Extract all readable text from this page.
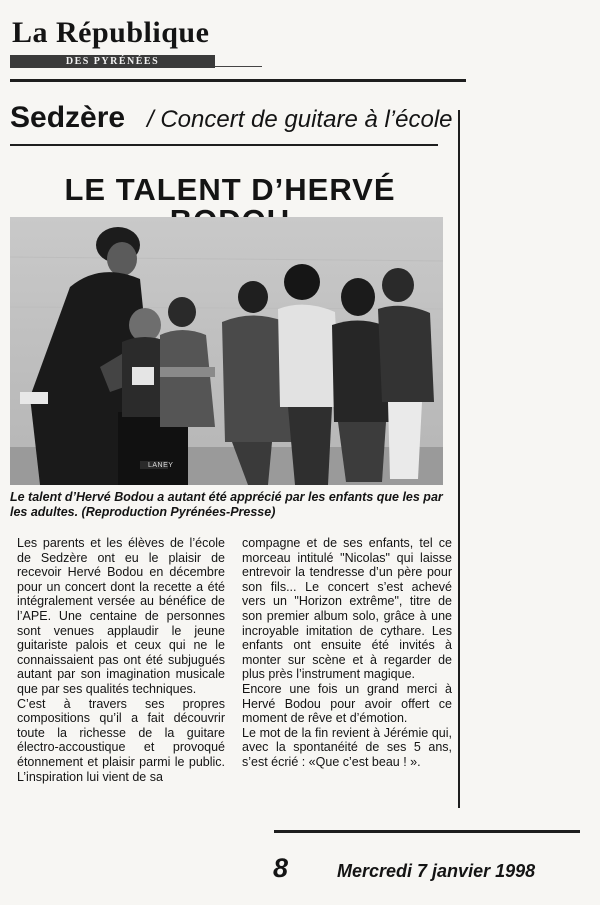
La République
DES PYRÉNÉES
Sedzère / Concert de guitare à l’école
LE TALENT D’HERVÉ
LANEY
Le talent d’Hervé Bodou a autant été apprécié par les enfants que les par les adultes. (Reproduction Pyrénées-Presse)

Les parents et les élèves de l’école de Sedzère ont eu le plaisir de recevoir Hervé Bodou en décembre pour un concert dont la recette a été intégralement versée au bénéfice de l’APE. Une centaine de personnes sont venues applaudir le jeune guitariste palois et ceux qui ne le connaissaient pas ont été subjugués autant par son imagination musicale que par ses qualités techniques.

C’est à travers ses propres compositions qu’il a fait découvrir toute la richesse de la guitare électro-accoustique et provoqué étonnement et plaisir parmi le public. L’inspiration lui vient de sa

compagne et de ses enfants, tel ce morceau intitulé "Nicolas" qui laisse entrevoir la tendresse d’un père pour son fils... Le concert s’est achevé vers un "Horizon extrême", titre de son premier album solo, grâce à une incroyable imitation de cythare. Les enfants ont ensuite été invités à monter sur scène et à regarder de plus près l’instrument magique.

Encore une fois un grand merci à Hervé Bodou pour avoir offert ce moment de rêve et d’émotion.

Le mot de la fin revient à Jérémie qui, avec la spontanéité de ses 5 ans, s’est écrié : «Que c’est beau ! ».

8	Mercredi 7 janvier 1998
